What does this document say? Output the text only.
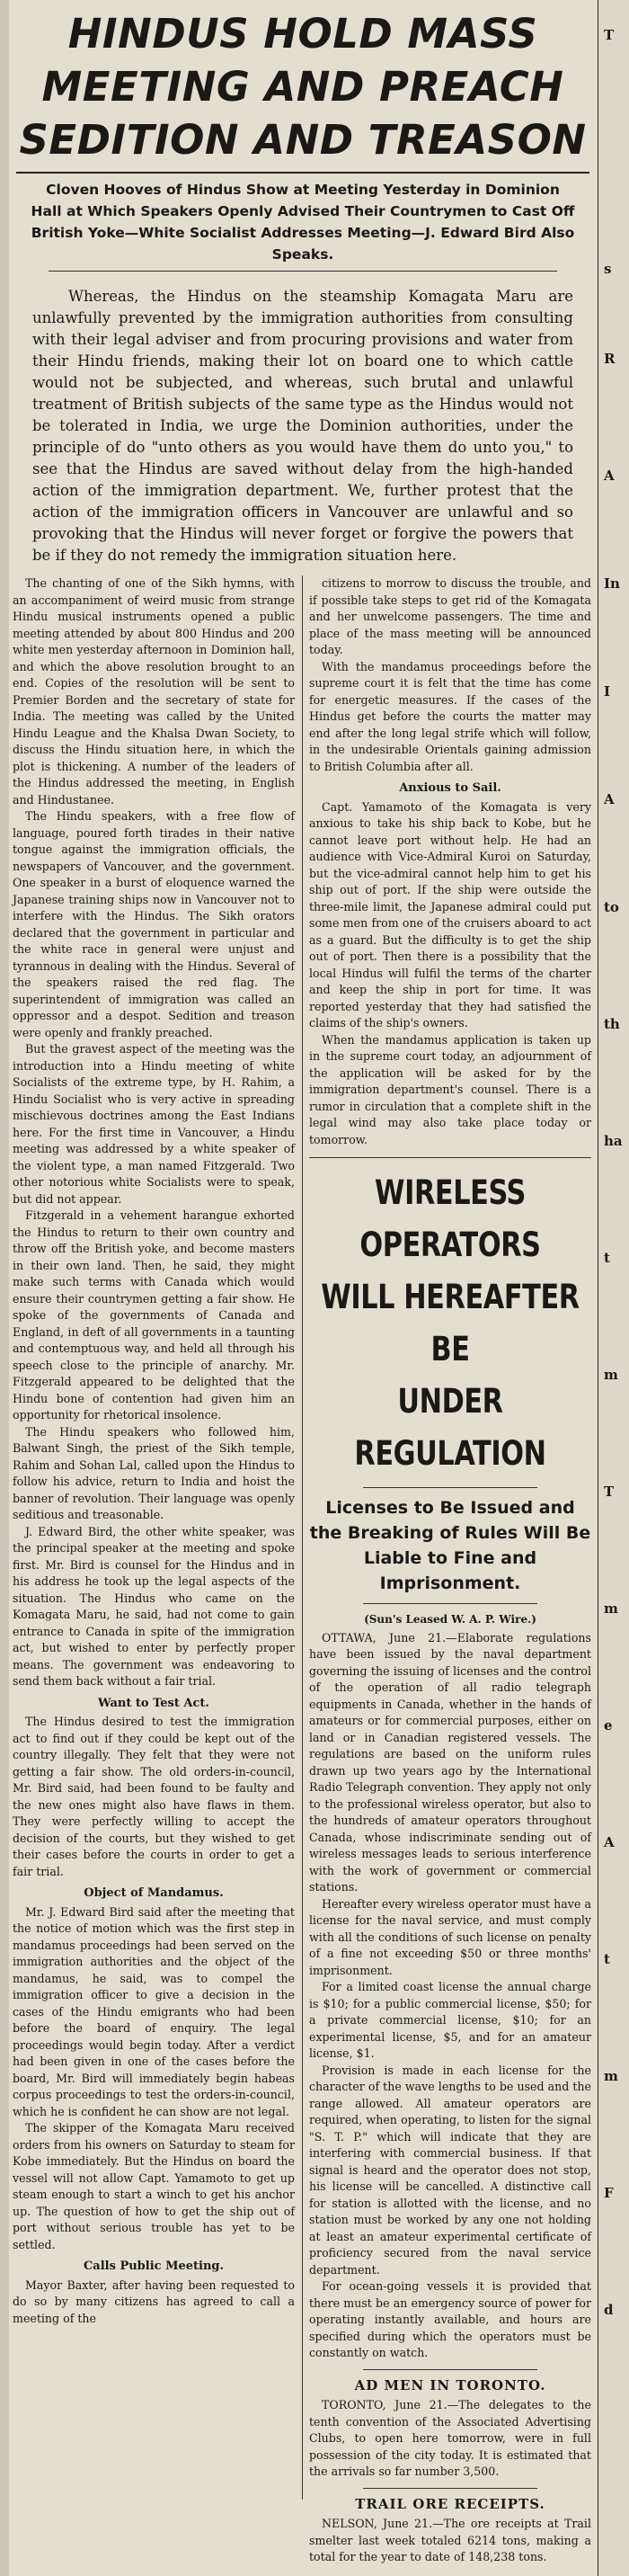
T
s
R
A
In
I
A
to
th
ha
t
m
T
m
e
A
t
m
F
d
HINDUS HOLD MASS
MEETING AND PREACH
SEDITION AND TREASON
Cloven Hooves of Hindus Show at Meeting Yesterday in Dominion Hall at Which Speakers Openly Advised Their Countrymen to Cast Off British Yoke—White Socialist Addresses Meeting—J. Edward Bird Also Speaks.
Whereas, the Hindus on the steamship Komagata Maru are unlawfully prevented by the immigration authorities from consulting with their legal adviser and from procuring provisions and water from their Hindu friends, making their lot on board one to which cattle would not be subjected, and whereas, such brutal and unlawful treatment of British subjects of the same type as the Hindus would not be tolerated in India, we urge the Dominion authorities, under the principle of do "unto others as you would have them do unto you," to see that the Hindus are saved without delay from the high-handed action of the immigration department. We, further protest that the action of the immigration officers in Vancouver are unlawful and so provoking that the Hindus will never forget or forgive the powers that be if they do not remedy the immigration situation here.

The chanting of one of the Sikh hymns, with an accompaniment of weird music from strange Hindu musical instruments opened a public meeting attended by about 800 Hindus and 200 white men yesterday afternoon in Dominion hall, and which the above resolution brought to an end. Copies of the resolution will be sent to Premier Borden and the secretary of state for India. The meeting was called by the United Hindu League and the Khalsa Dwan Society, to discuss the Hindu situation here, in which the plot is thickening. A number of the leaders of the Hindus addressed the meeting, in English and Hindustanee.

The Hindu speakers, with a free flow of language, poured forth tirades in their native tongue against the immigration officials, the newspapers of Vancouver, and the government. One speaker in a burst of eloquence warned the Japanese training ships now in Vancouver not to interfere with the Hindus. The Sikh orators declared that the government in particular and the white race in general were unjust and tyrannous in dealing with the Hindus. Several of the speakers raised the red flag. The superintendent of immigration was called an oppressor and a despot. Sedition and treason were openly and frankly preached.

But the gravest aspect of the meeting was the introduction into a Hindu meeting of white Socialists of the extreme type, by H. Rahim, a Hindu Socialist who is very active in spreading mischievous doctrines among the East Indians here. For the first time in Vancouver, a Hindu meeting was addressed by a white speaker of the violent type, a man named Fitzgerald. Two other notorious white Socialists were to speak, but did not appear.

Fitzgerald in a vehement harangue exhorted the Hindus to return to their own country and throw off the British yoke, and become masters in their own land. Then, he said, they might make such terms with Canada which would ensure their countrymen getting a fair show. He spoke of the governments of Canada and England, in deft of all governments in a taunting and contemptuous way, and held all through his speech close to the principle of anarchy. Mr. Fitzgerald appeared to be delighted that the Hindu bone of contention had given him an opportunity for rhetorical insolence.

The Hindu speakers who followed him, Balwant Singh, the priest of the Sikh temple, Rahim and Sohan Lal, called upon the Hindus to follow his advice, return to India and hoist the banner of revolution. Their language was openly seditious and treasonable.

J. Edward Bird, the other white speaker, was the principal speaker at the meeting and spoke first. Mr. Bird is counsel for the Hindus and in his address he took up the legal aspects of the situation. The Hindus who came on the Komagata Maru, he said, had not come to gain entrance to Canada in spite of the immigration act, but wished to enter by perfectly proper means. The government was endeavoring to send them back without a fair trial.

Want to Test Act.

The Hindus desired to test the immigration act to find out if they could be kept out of the country illegally. They felt that they were not getting a fair show. The old orders-in-council, Mr. Bird said, had been found to be faulty and the new ones might also have flaws in them. They were perfectly willing to accept the decision of the courts, but they wished to get their cases before the courts in order to get a fair trial.

Object of Mandamus.

Mr. J. Edward Bird said after the meeting that the notice of motion which was the first step in mandamus proceedings had been served on the immigration authorities and the object of the mandamus, he said, was to compel the immigration officer to give a decision in the cases of the Hindu emigrants who had been before the board of enquiry. The legal proceedings would begin today. After a verdict had been given in one of the cases before the board, Mr. Bird will immediately begin habeas corpus proceedings to test the orders-in-council, which he is confident he can show are not legal.

The skipper of the Komagata Maru received orders from his owners on Saturday to steam for Kobe immediately. But the Hindus on board the vessel will not allow Capt. Yamamoto to get up steam enough to start a winch to get his anchor up. The question of how to get the ship out of port without serious trouble has yet to be settled.

Calls Public Meeting.

Mayor Baxter, after having been requested to do so by many citizens has agreed to call a meeting of the

citizens to morrow to discuss the trouble, and if possible take steps to get rid of the Komagata and her unwelcome passengers. The time and place of the mass meeting will be announced today.

With the mandamus proceedings before the supreme court it is felt that the time has come for energetic measures. If the cases of the Hindus get before the courts the matter may end after the long legal strife which will follow, in the undesirable Orientals gaining admission to British Columbia after all.

Anxious to Sail.

Capt. Yamamoto of the Komagata is very anxious to take his ship back to Kobe, but he cannot leave port without help. He had an audience with Vice-Admiral Kuroi on Saturday, but the vice-admiral cannot help him to get his ship out of port. If the ship were outside the three-mile limit, the Japanese admiral could put some men from one of the cruisers aboard to act as a guard. But the difficulty is to get the ship out of port. Then there is a possibility that the local Hindus will fulfil the terms of the charter and keep the ship in port for time. It was reported yesterday that they had satisfied the claims of the ship's owners.

When the mandamus application is taken up in the supreme court today, an adjournment of the application will be asked for by the immigration department's counsel. There is a rumor in circulation that a complete shift in the legal wind may also take place today or tomorrow.

WIRELESS OPERATORS
WILL HEREAFTER BE
UNDER REGULATION
Licenses to Be Issued and the Breaking of Rules Will Be Liable to Fine and Imprisonment.
(Sun's Leased W. A. P. Wire.)

OTTAWA, June 21.—Elaborate regulations have been issued by the naval department governing the issuing of licenses and the control of the operation of all radio telegraph equipments in Canada, whether in the hands of amateurs or for commercial purposes, either on land or in Canadian registered vessels. The regulations are based on the uniform rules drawn up two years ago by the International Radio Telegraph convention. They apply not only to the professional wireless operator, but also to the hundreds of amateur operators throughout Canada, whose indiscriminate sending out of wireless messages leads to serious interference with the work of government or commercial stations.

Hereafter every wireless operator must have a license for the naval service, and must comply with all the conditions of such license on penalty of a fine not exceeding $50 or three months' imprisonment.

For a limited coast license the annual charge is $10; for a public commercial license, $50; for a private commercial license, $10; for an experimental license, $5, and for an amateur license, $1.

Provision is made in each license for the character of the wave lengths to be used and the range allowed. All amateur operators are required, when operating, to listen for the signal "S. T. P." which will indicate that they are interfering with commercial business. If that signal is heard and the operator does not stop, his license will be cancelled. A distinctive call for station is allotted with the license, and no station must be worked by any one not holding at least an amateur experimental certificate of proficiency secured from the naval service department.

For ocean-going vessels it is provided that there must be an emergency source of power for operating instantly available, and hours are specified during which the operators must be constantly on watch.

AD MEN IN TORONTO.

TORONTO, June 21.—The delegates to the tenth convention of the Associated Advertising Clubs, to open here tomorrow, were in full possession of the city today. It is estimated that the arrivals so far number 3,500.

TRAIL ORE RECEIPTS.

NELSON, June 21.—The ore receipts at Trail smelter last week totaled 6214 tons, making a total for the year to date of 148,238 tons.
